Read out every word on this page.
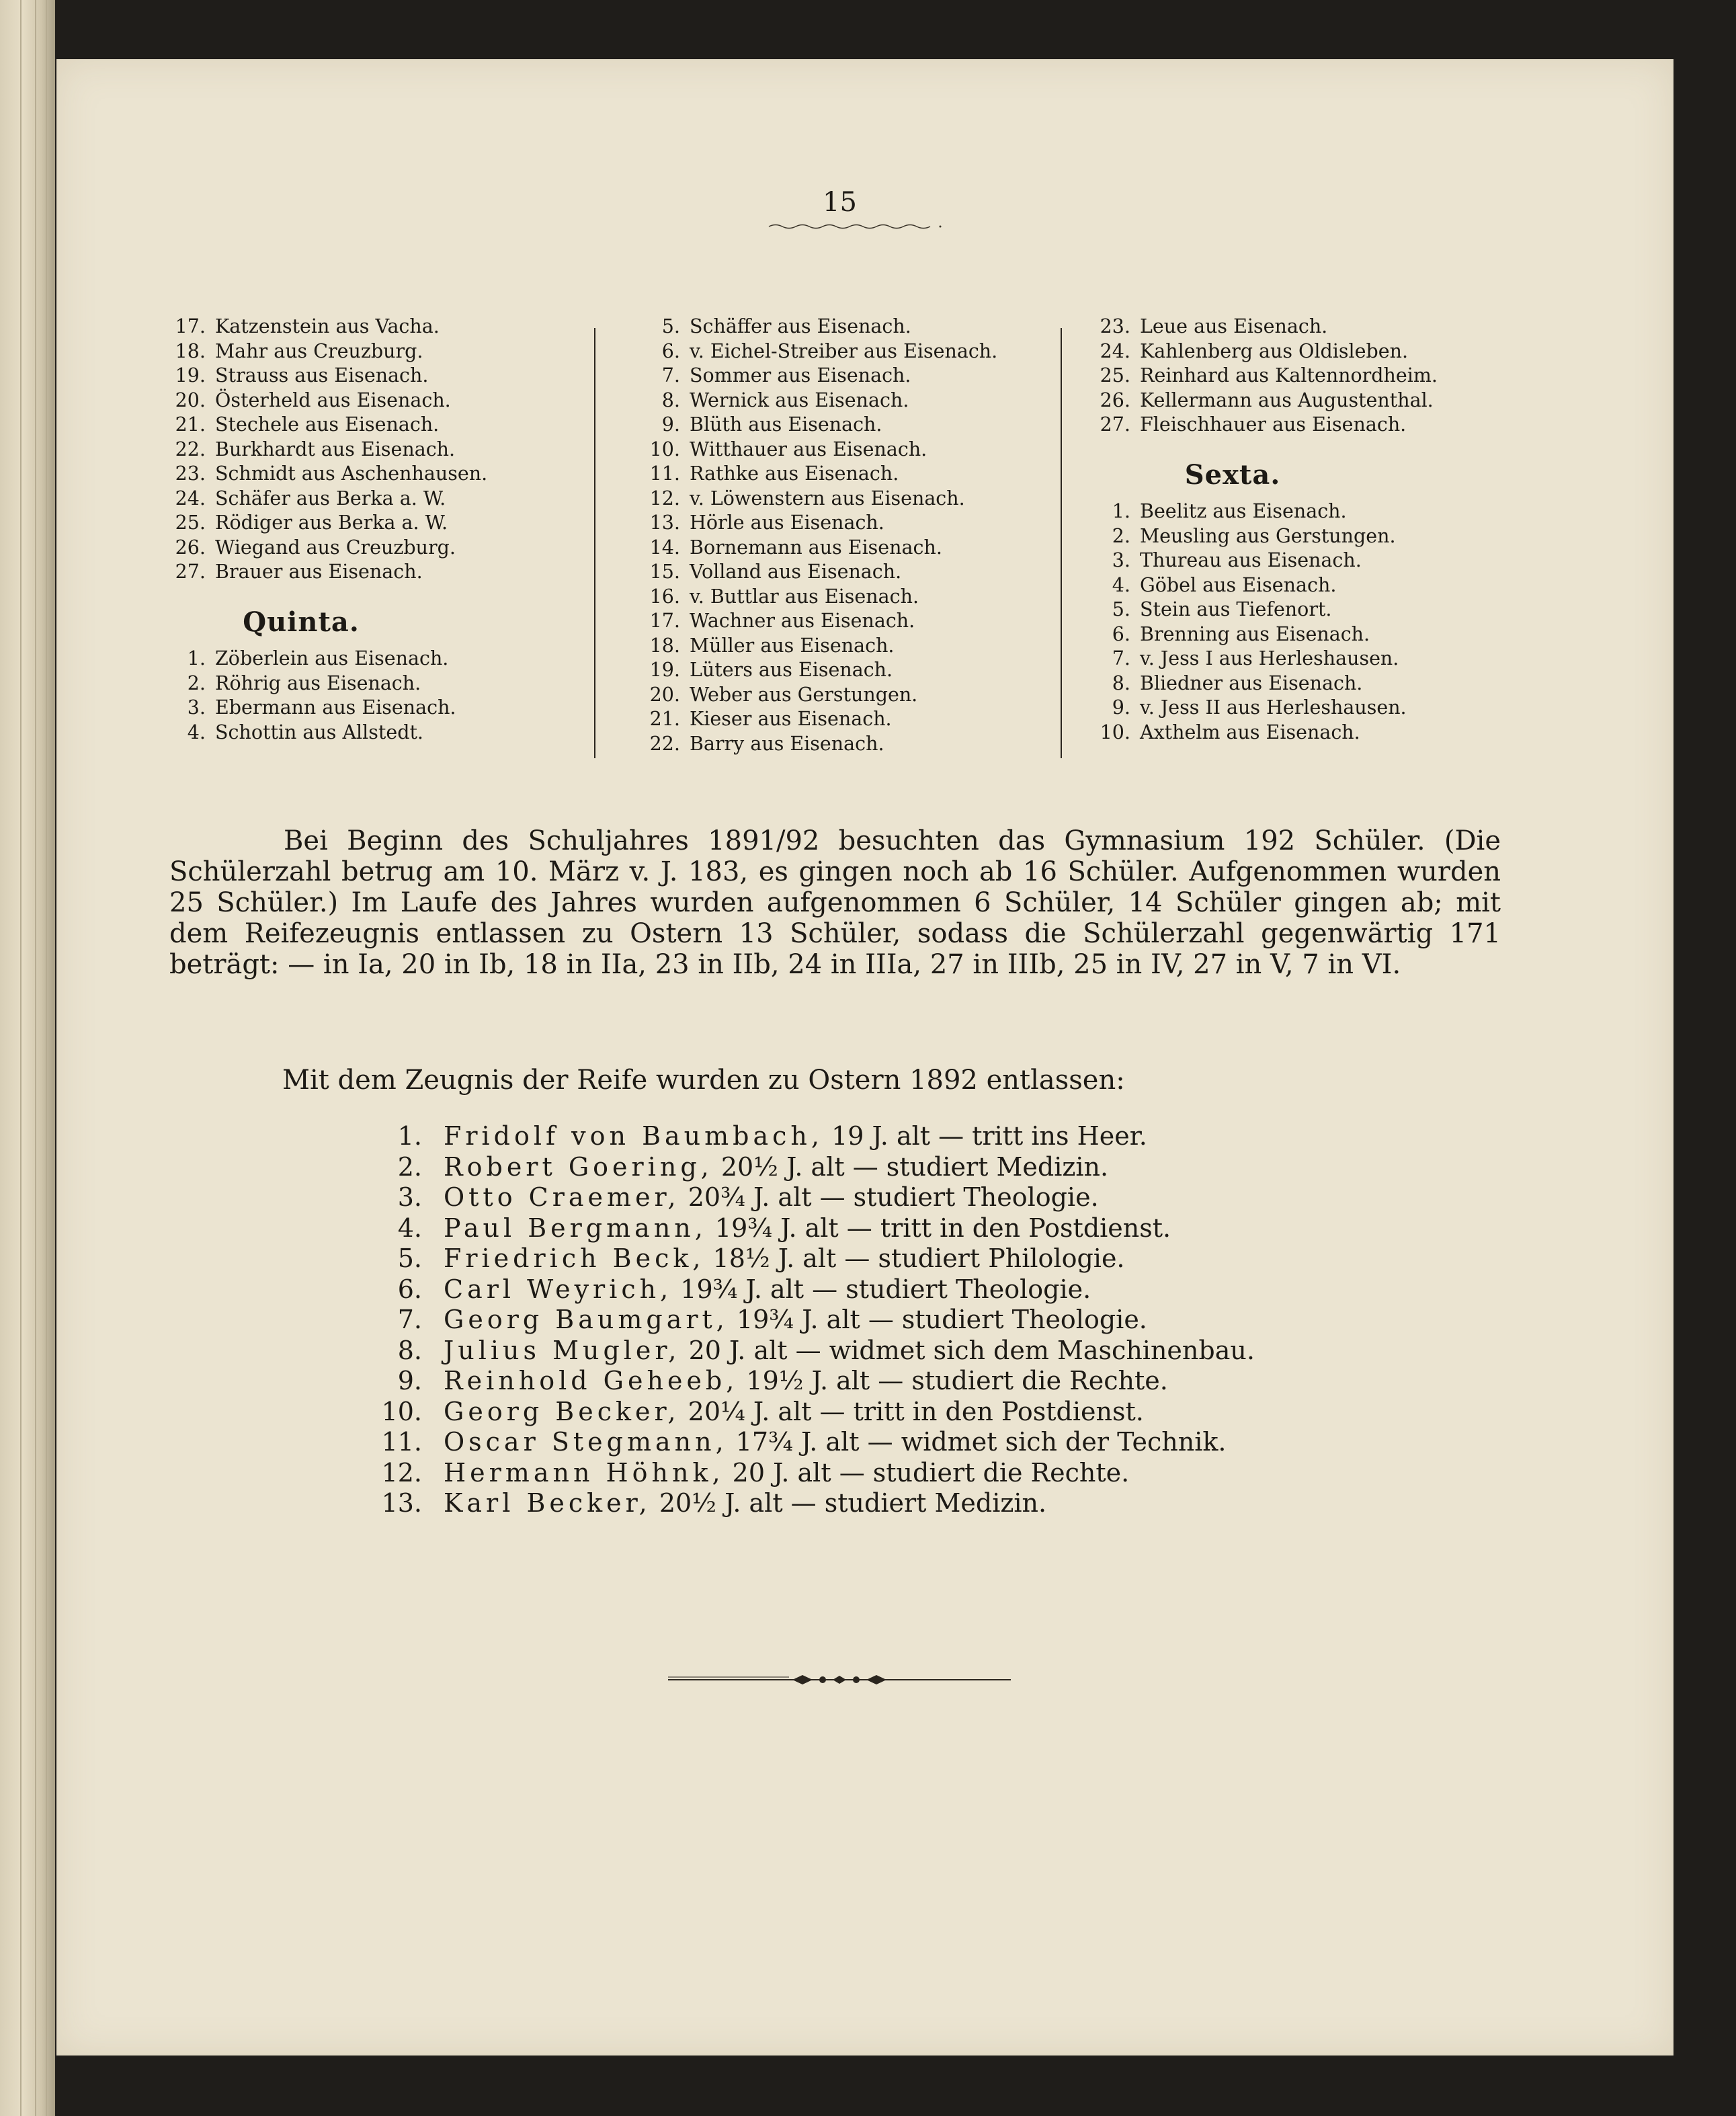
15
17. Katzenstein aus Vacha.
18. Mahr aus Creuzburg.
19. Strauss aus Eisenach.
20. Österheld aus Eisenach.
21. Stechele aus Eisenach.
22. Burkhardt aus Eisenach.
23. Schmidt aus Aschenhausen.
24. Schäfer aus Berka a. W.
25. Rödiger aus Berka a. W.
26. Wiegand aus Creuzburg.
27. Brauer aus Eisenach.
Quinta.
1. Zöberlein aus Eisenach.
2. Röhrig aus Eisenach.
3. Ebermann aus Eisenach.
4. Schottin aus Allstedt.
5. Schäffer aus Eisenach.
6. v. Eichel-Streiber aus Eisenach.
7. Sommer aus Eisenach.
8. Wernick aus Eisenach.
9. Blüth aus Eisenach.
10. Witthauer aus Eisenach.
11. Rathke aus Eisenach.
12. v. Löwenstern aus Eisenach.
13. Hörle aus Eisenach.
14. Bornemann aus Eisenach.
15. Volland aus Eisenach.
16. v. Buttlar aus Eisenach.
17. Wachner aus Eisenach.
18. Müller aus Eisenach.
19. Lüters aus Eisenach.
20. Weber aus Gerstungen.
21. Kieser aus Eisenach.
22. Barry aus Eisenach.
23. Leue aus Eisenach.
24. Kahlenberg aus Oldisleben.
25. Reinhard aus Kaltennordheim.
26. Kellermann aus Augustenthal.
27. Fleischhauer aus Eisenach.
Sexta.
1. Beelitz aus Eisenach.
2. Meusling aus Gerstungen.
3. Thureau aus Eisenach.
4. Göbel aus Eisenach.
5. Stein aus Tiefenort.
6. Brenning aus Eisenach.
7. v. Jess I aus Herleshausen.
8. Bliedner aus Eisenach.
9. v. Jess II aus Herleshausen.
10. Axthelm aus Eisenach.

Bei Beginn des Schuljahres 1891/92 besuchten das Gymnasium 192 Schüler. (Die Schülerzahl betrug am 10. März v. J. 183, es gingen noch ab 16 Schüler. Aufgenommen wurden 25 Schüler.) Im Laufe des Jahres wurden aufgenommen 6 Schüler, 14 Schüler gingen ab; mit dem Reifezeugnis entlassen zu Ostern 13 Schüler, sodass die Schülerzahl gegenwärtig 171 beträgt: — in Ia, 20 in Ib, 18 in IIa, 23 in IIb, 24 in IIIa, 27 in IIIb, 25 in IV, 27 in V, 7 in VI.

Mit dem Zeugnis der Reife wurden zu Ostern 1892 entlassen:
1. Fridolf von Baumbach, 19 J. alt — tritt ins Heer.
2. Robert Goering, 20½ J. alt — studiert Medizin.
3. Otto Craemer, 20¾ J. alt — studiert Theologie.
4. Paul Bergmann, 19¾ J. alt — tritt in den Postdienst.
5. Friedrich Beck, 18½ J. alt — studiert Philologie.
6. Carl Weyrich, 19¾ J. alt — studiert Theologie.
7. Georg Baumgart, 19¾ J. alt — studiert Theologie.
8. Julius Mugler, 20 J. alt — widmet sich dem Maschinenbau.
9. Reinhold Geheeb, 19½ J. alt — studiert die Rechte.
10. Georg Becker, 20¼ J. alt — tritt in den Postdienst.
11. Oscar Stegmann, 17¾ J. alt — widmet sich der Technik.
12. Hermann Höhnk, 20 J. alt — studiert die Rechte.
13. Karl Becker, 20½ J. alt — studiert Medizin.
